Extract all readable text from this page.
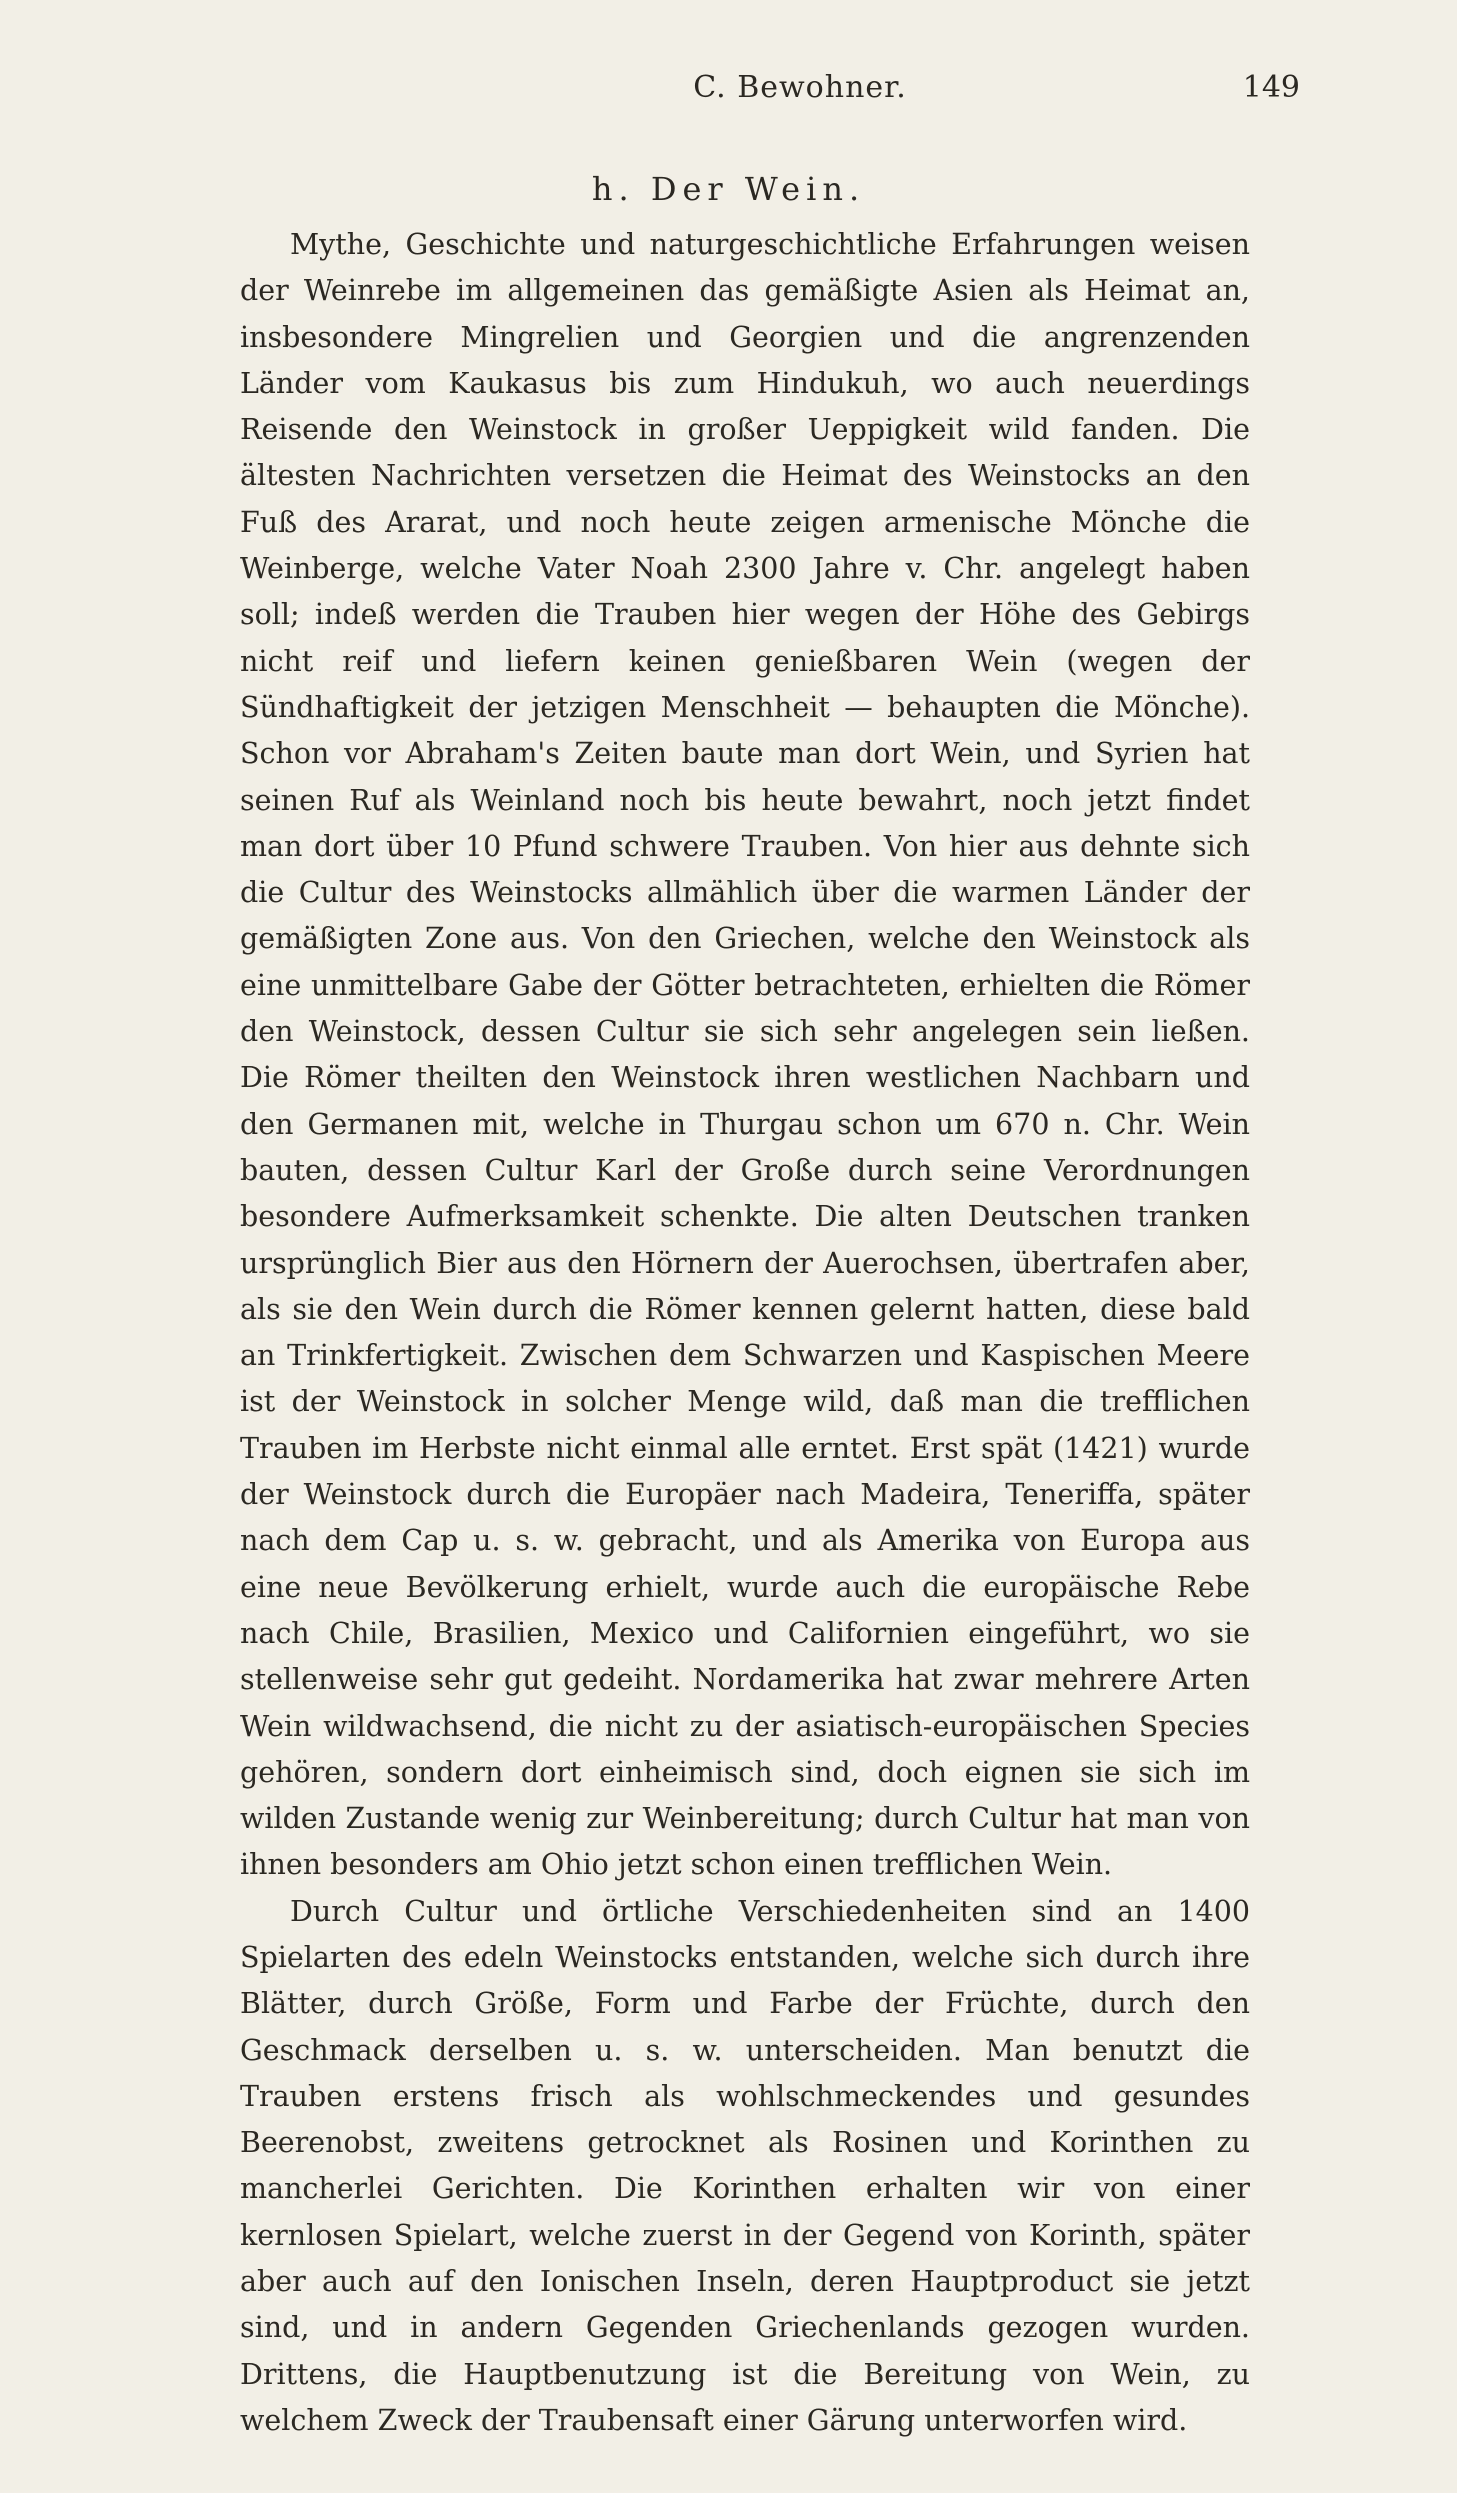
C. Bewohner.	149
h. Der Wein.

Mythe, Geschichte und naturgeschichtliche Erfahrungen weisen der Weinrebe im allgemeinen das gemäßigte Asien als Heimat an, insbesondere Mingrelien und Georgien und die angrenzenden Länder vom Kaukasus bis zum Hindukuh, wo auch neuerdings Reisende den Weinstock in großer Ueppigkeit wild fanden. Die ältesten Nachrichten versetzen die Heimat des Weinstocks an den Fuß des Ararat, und noch heute zeigen armenische Mönche die Weinberge, welche Vater Noah 2300 Jahre v. Chr. angelegt haben soll; indeß werden die Trauben hier wegen der Höhe des Gebirgs nicht reif und liefern keinen genießbaren Wein (wegen der Sündhaftigkeit der jetzigen Menschheit — behaupten die Mönche). Schon vor Abraham's Zeiten baute man dort Wein, und Syrien hat seinen Ruf als Weinland noch bis heute bewahrt, noch jetzt findet man dort über 10 Pfund schwere Trauben. Von hier aus dehnte sich die Cultur des Weinstocks allmählich über die warmen Länder der gemäßigten Zone aus. Von den Griechen, welche den Weinstock als eine unmittelbare Gabe der Götter betrachteten, erhielten die Römer den Weinstock, dessen Cultur sie sich sehr angelegen sein ließen. Die Römer theilten den Weinstock ihren westlichen Nachbarn und den Germanen mit, welche in Thurgau schon um 670 n. Chr. Wein bauten, dessen Cultur Karl der Große durch seine Verordnungen besondere Aufmerksamkeit schenkte. Die alten Deutschen tranken ursprünglich Bier aus den Hörnern der Auerochsen, übertrafen aber, als sie den Wein durch die Römer kennen gelernt hatten, diese bald an Trinkfertigkeit. Zwischen dem Schwarzen und Kaspischen Meere ist der Weinstock in solcher Menge wild, daß man die trefflichen Trauben im Herbste nicht einmal alle erntet. Erst spät (1421) wurde der Weinstock durch die Europäer nach Madeira, Teneriffa, später nach dem Cap u. s. w. gebracht, und als Amerika von Europa aus eine neue Bevölkerung erhielt, wurde auch die europäische Rebe nach Chile, Brasilien, Mexico und Californien eingeführt, wo sie stellenweise sehr gut gedeiht. Nordamerika hat zwar mehrere Arten Wein wildwachsend, die nicht zu der asiatisch-europäischen Species gehören, sondern dort einheimisch sind, doch eignen sie sich im wilden Zustande wenig zur Weinbereitung; durch Cultur hat man von ihnen besonders am Ohio jetzt schon einen trefflichen Wein.

Durch Cultur und örtliche Verschiedenheiten sind an 1400 Spielarten des edeln Weinstocks entstanden, welche sich durch ihre Blätter, durch Größe, Form und Farbe der Früchte, durch den Geschmack derselben u. s. w. unterscheiden. Man benutzt die Trauben erstens frisch als wohlschmeckendes und gesundes Beerenobst, zweitens getrocknet als Rosinen und Korinthen zu mancherlei Gerichten. Die Korinthen erhalten wir von einer kernlosen Spielart, welche zuerst in der Gegend von Korinth, später aber auch auf den Ionischen Inseln, deren Hauptproduct sie jetzt sind, und in andern Gegenden Griechenlands gezogen wurden. Drittens, die Hauptbenutzung ist die Bereitung von Wein, zu welchem Zweck der Traubensaft einer Gärung unterworfen wird.
